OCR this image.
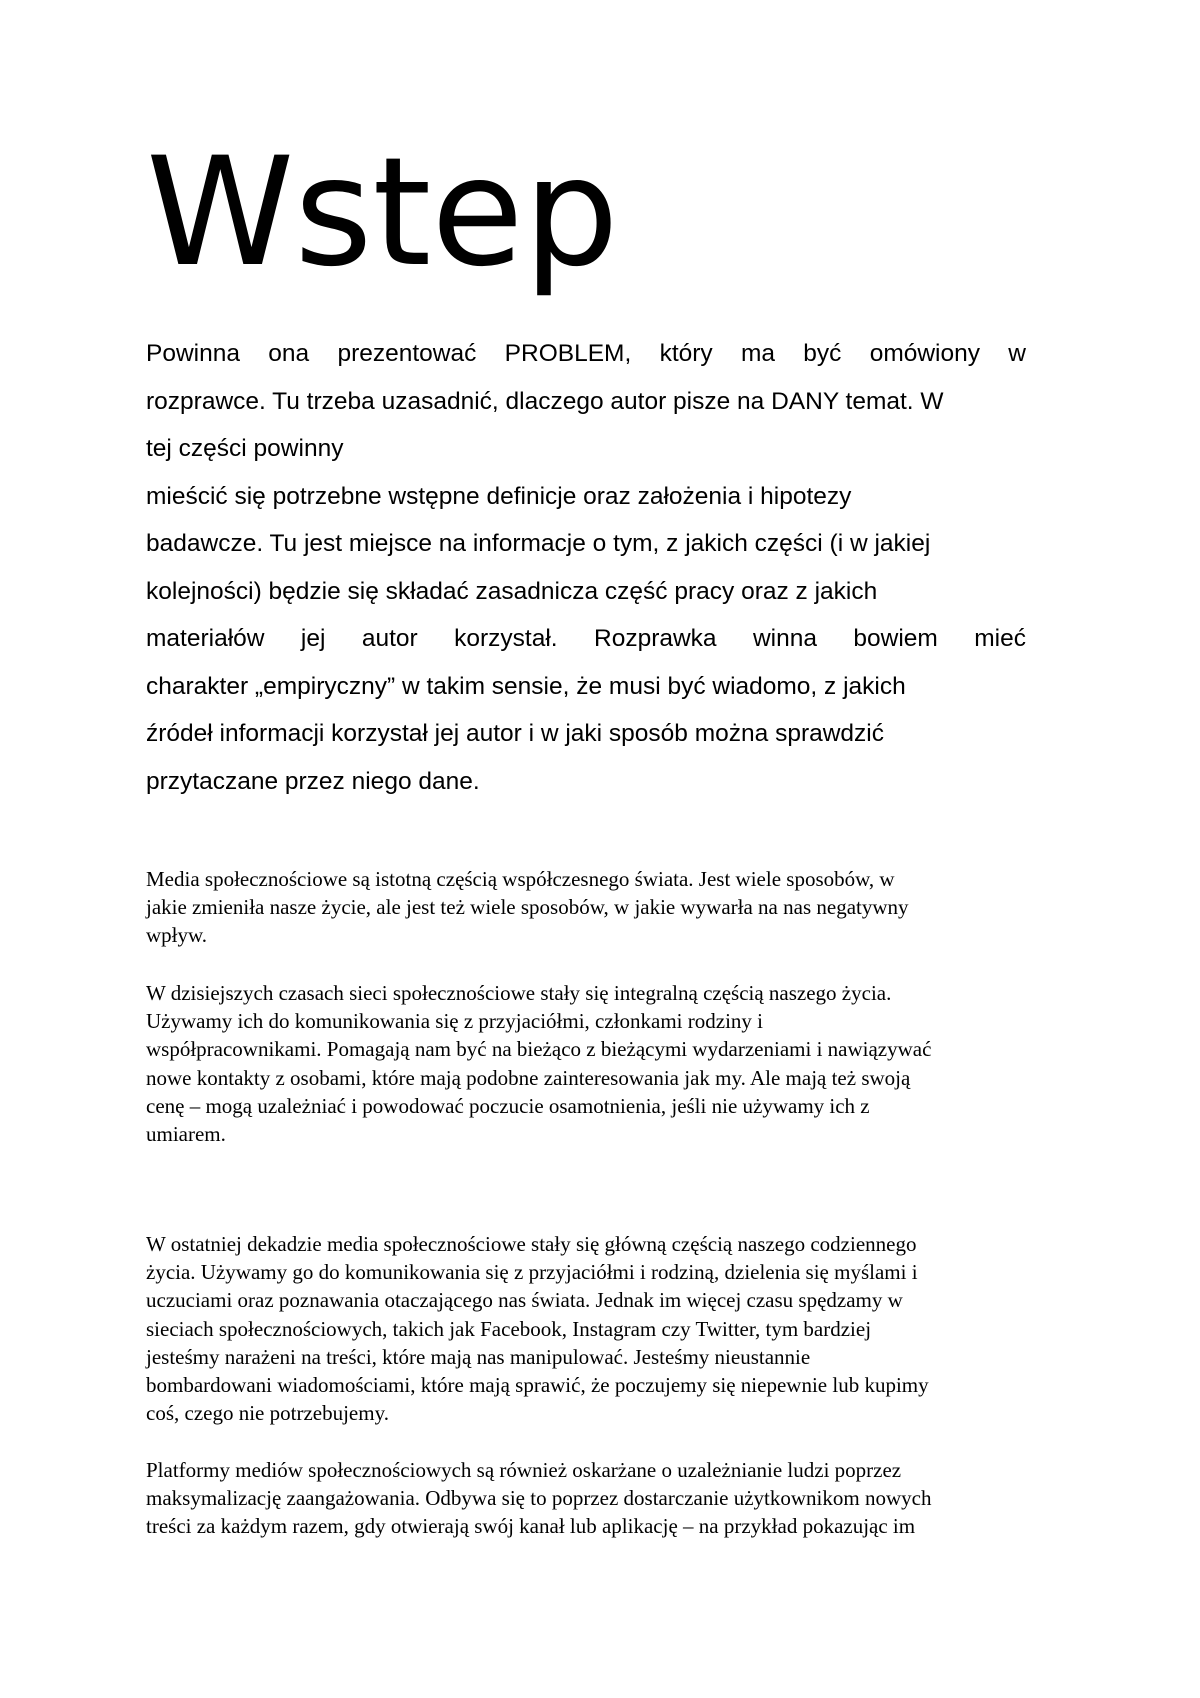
Wstep
Powinna ona prezentować PROBLEM, który ma być omówiony w
rozprawce. Tu trzeba uzasadnić, dlaczego autor pisze na DANY temat. W
tej części powinny
mieścić się potrzebne wstępne definicje oraz założenia i hipotezy
badawcze. Tu jest miejsce na informacje o tym, z jakich części (i w jakiej
kolejności) będzie się składać zasadnicza część pracy oraz z jakich
materiałów jej autor korzystał. Rozprawka winna bowiem mieć
charakter „empiryczny” w takim sensie, że musi być wiadomo, z jakich
źródeł informacji korzystał jej autor i w jaki sposób można sprawdzić
przytaczane przez niego dane.
Media społecznościowe są istotną częścią współczesnego świata. Jest wiele sposobów, w
jakie zmieniła nasze życie, ale jest też wiele sposobów, w jakie wywarła na nas negatywny
wpływ.
W dzisiejszych czasach sieci społecznościowe stały się integralną częścią naszego życia.
Używamy ich do komunikowania się z przyjaciółmi, członkami rodziny i
współpracownikami. Pomagają nam być na bieżąco z bieżącymi wydarzeniami i nawiązywać
nowe kontakty z osobami, które mają podobne zainteresowania jak my. Ale mają też swoją
cenę – mogą uzależniać i powodować poczucie osamotnienia, jeśli nie używamy ich z
umiarem.
W ostatniej dekadzie media społecznościowe stały się główną częścią naszego codziennego
życia. Używamy go do komunikowania się z przyjaciółmi i rodziną, dzielenia się myślami i
uczuciami oraz poznawania otaczającego nas świata. Jednak im więcej czasu spędzamy w
sieciach społecznościowych, takich jak Facebook, Instagram czy Twitter, tym bardziej
jesteśmy narażeni na treści, które mają nas manipulować. Jesteśmy nieustannie
bombardowani wiadomościami, które mają sprawić, że poczujemy się niepewnie lub kupimy
coś, czego nie potrzebujemy.
Platformy mediów społecznościowych są również oskarżane o uzależnianie ludzi poprzez
maksymalizację zaangażowania. Odbywa się to poprzez dostarczanie użytkownikom nowych
treści za każdym razem, gdy otwierają swój kanał lub aplikację – na przykład pokazując im
